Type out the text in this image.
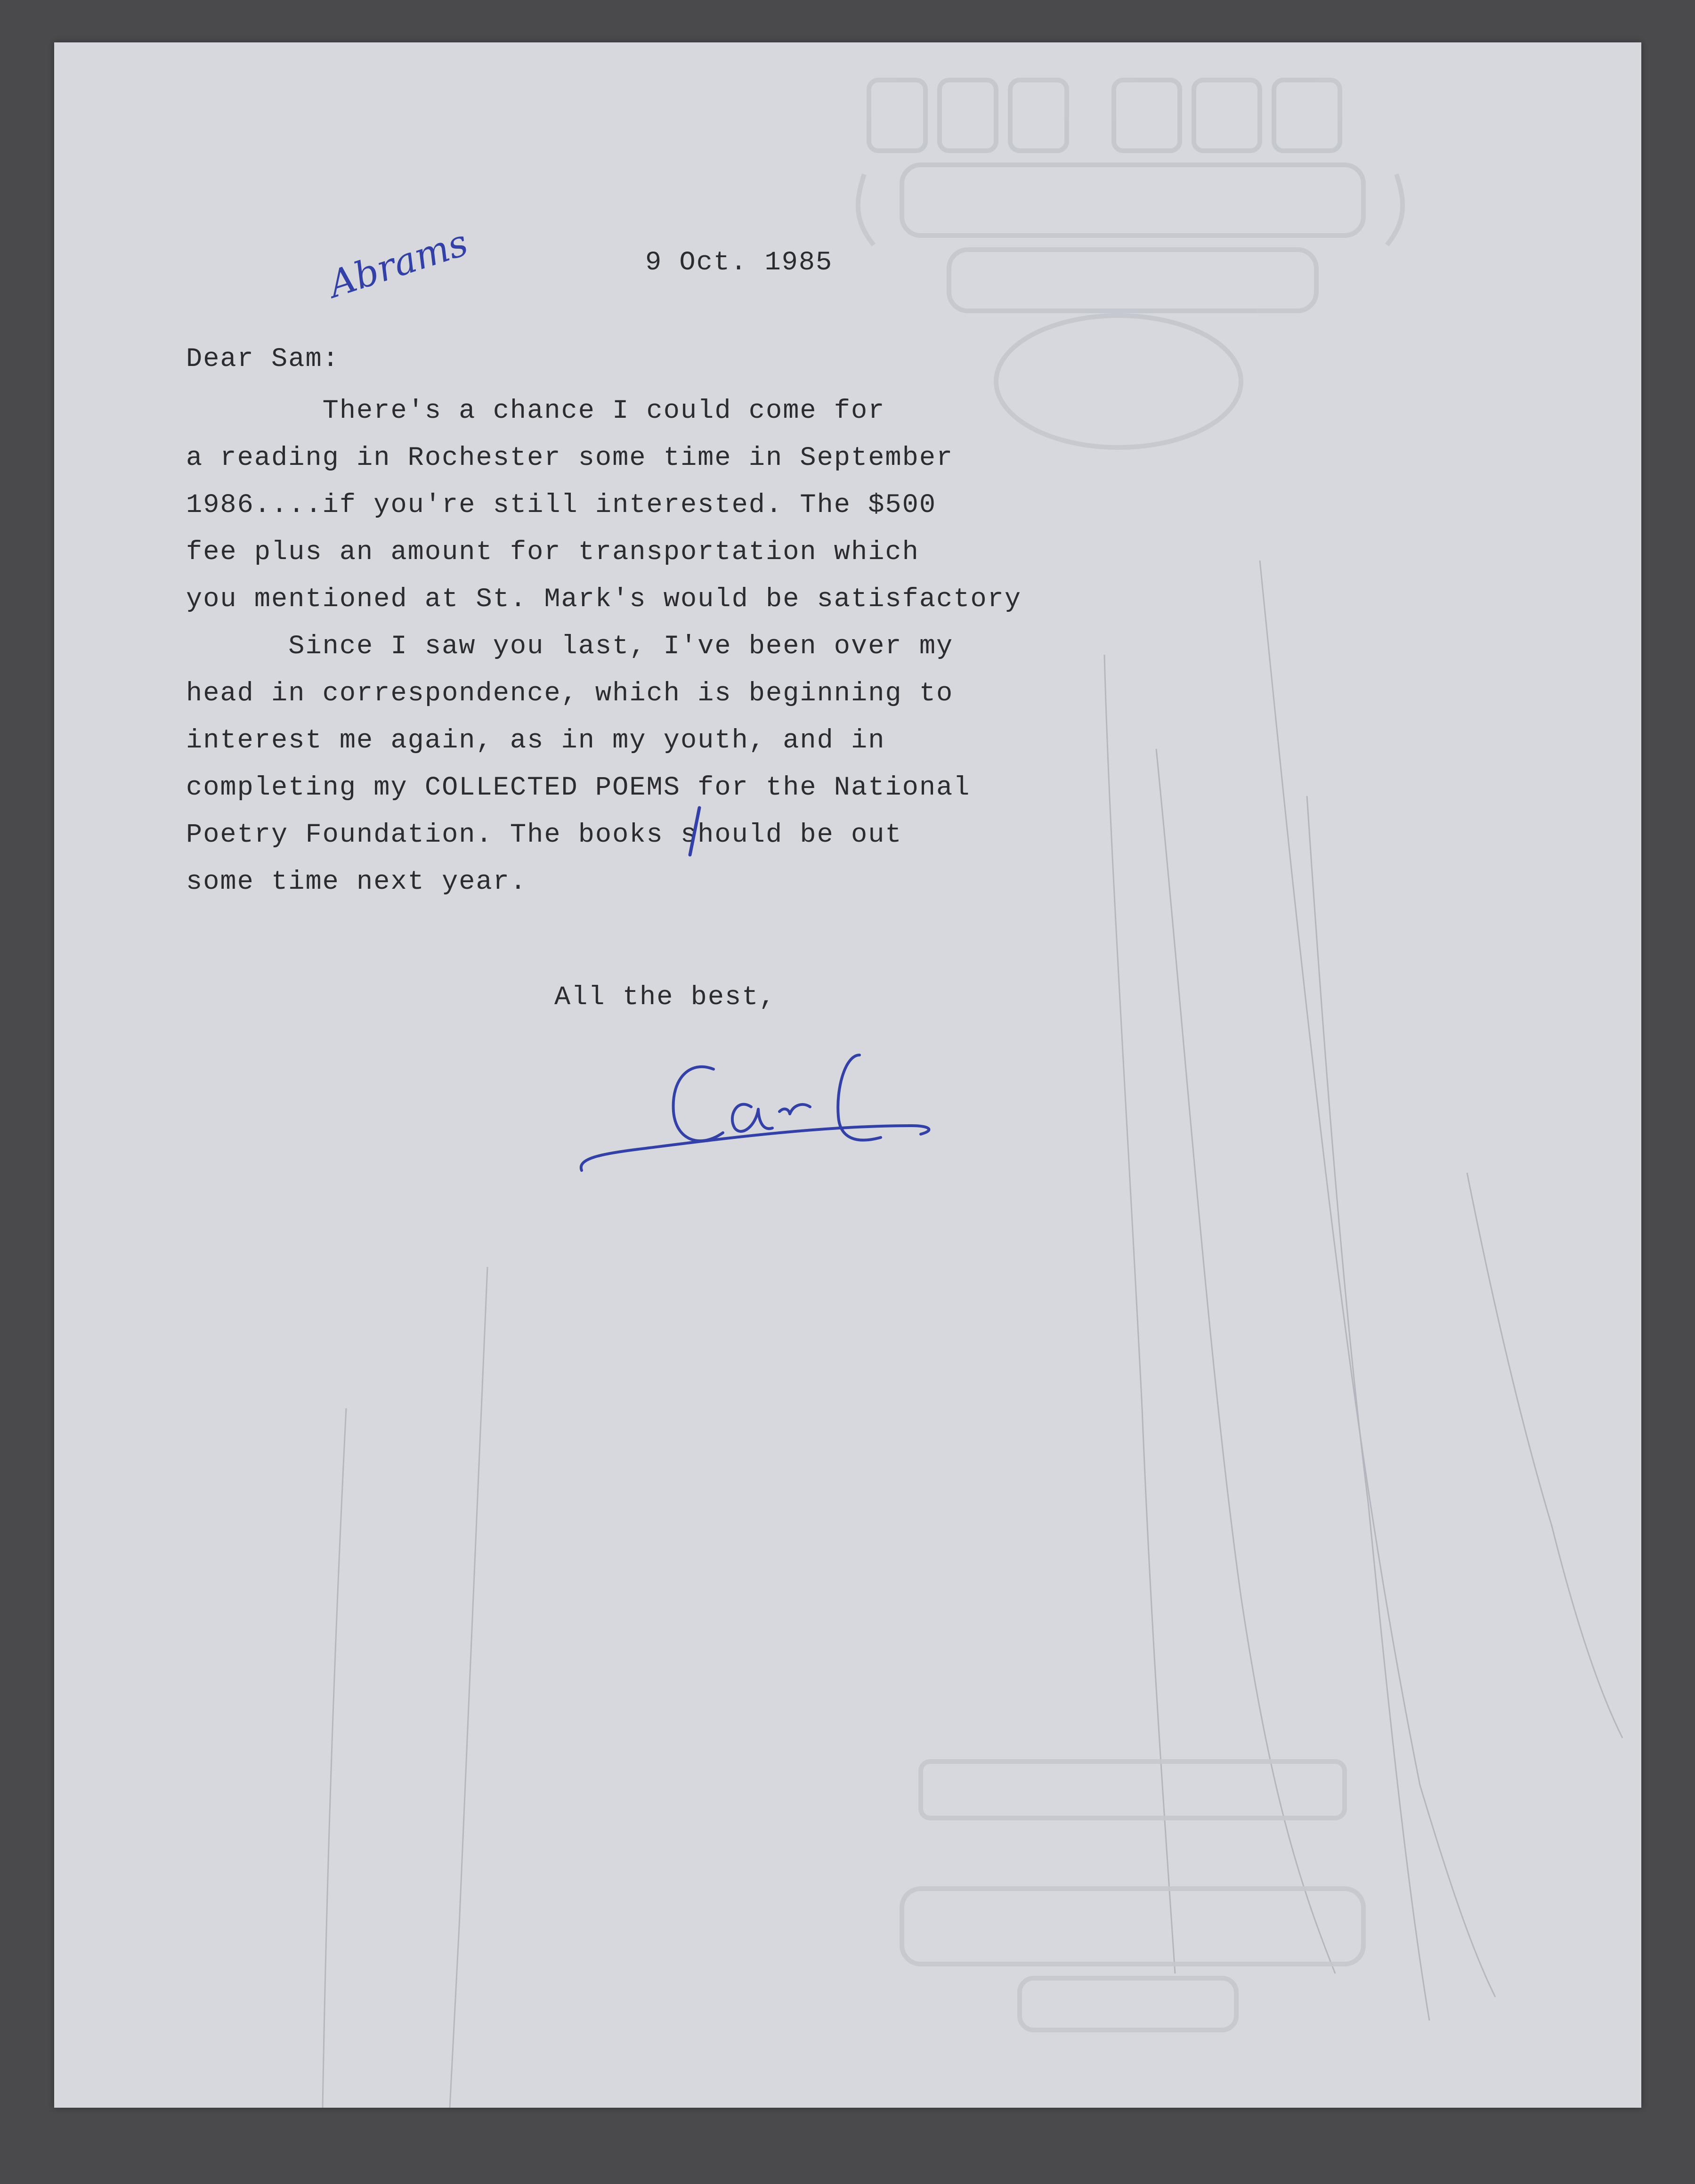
9 Oct. 1985
Dear Sam:
There's a chance I could come for
a reading in Rochester some time in September
1986....if you're still interested. The $500
fee plus an amount for transportation which
you mentioned at St. Mark's would be satisfactory
Since I saw you last, I've been over my
head in correspondence, which is beginning to
interest me again, as in my youth, and in
completing my COLLECTED POEMS for the National
Poetry Foundation. The books should be out
some time next year.
Abrams
All the best,
